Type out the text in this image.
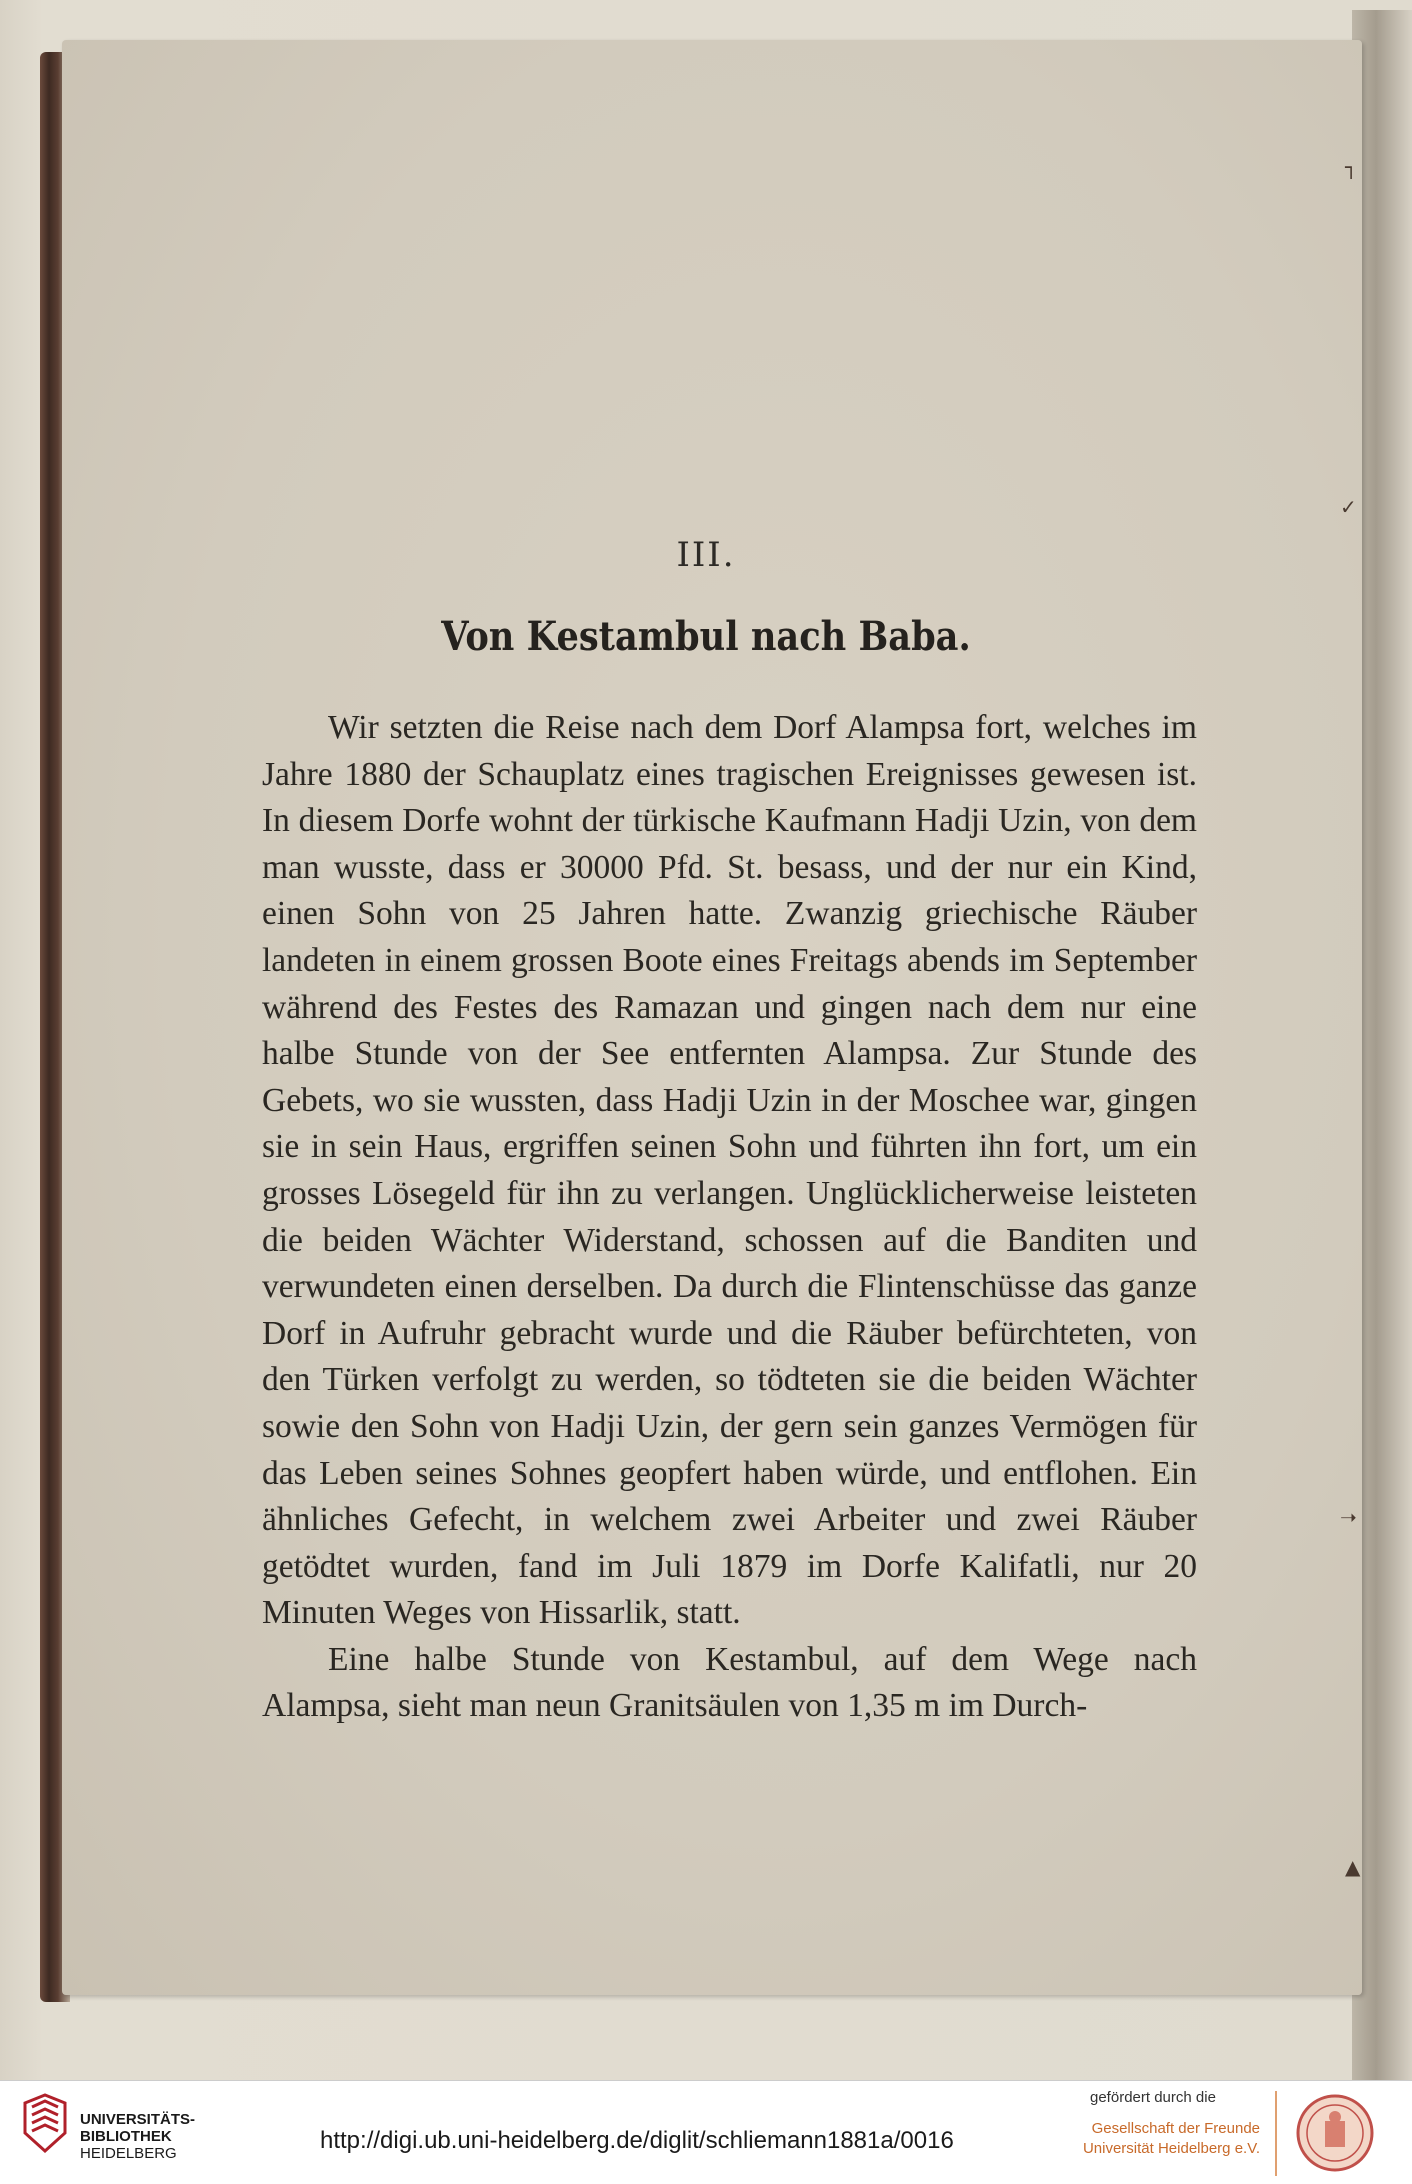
┐
✓
➝
▲
III.
Von Kestambul nach Baba.

Wir setzten die Reise nach dem Dorf Alampsa fort, welches im Jahre 1880 der Schauplatz eines tragischen Ereignisses gewesen ist. In diesem Dorfe wohnt der türkische Kaufmann Hadji Uzin, von dem man wusste, dass er 30000 Pfd. St. besass, und der nur ein Kind, einen Sohn von 25 Jahren hatte. Zwanzig griechische Räuber landeten in einem grossen Boote eines Freitags abends im September während des Festes des Ramazan und gingen nach dem nur eine halbe Stunde von der See entfernten Alampsa. Zur Stunde des Gebets, wo sie wussten, dass Hadji Uzin in der Moschee war, gingen sie in sein Haus, ergriffen seinen Sohn und führten ihn fort, um ein grosses Lösegeld für ihn zu verlangen. Unglücklicherweise leisteten die beiden Wächter Widerstand, schossen auf die Banditen und verwundeten einen derselben. Da durch die Flintenschüsse das ganze Dorf in Aufruhr gebracht wurde und die Räuber befürchteten, von den Türken verfolgt zu werden, so tödteten sie die beiden Wächter sowie den Sohn von Hadji Uzin, der gern sein ganzes Vermögen für das Leben seines Sohnes geopfert haben würde, und entflohen. Ein ähnliches Gefecht, in welchem zwei Arbeiter und zwei Räuber getödtet wurden, fand im Juli 1879 im Dorfe Kalifatli, nur 20 Minuten Weges von Hissarlik, statt.

Eine halbe Stunde von Kestambul, auf dem Wege nach Alampsa, sieht man neun Granitsäulen von 1,35 m im Durch-

UNIVERSITÄTS-
BIBLIOTHEK
HEIDELBERG	http://digi.ub.uni-heidelberg.de/diglit/schliemann1881a/0016
gefördert durch die
Gesellschaft der Freunde
Universität Heidelberg e.V.
